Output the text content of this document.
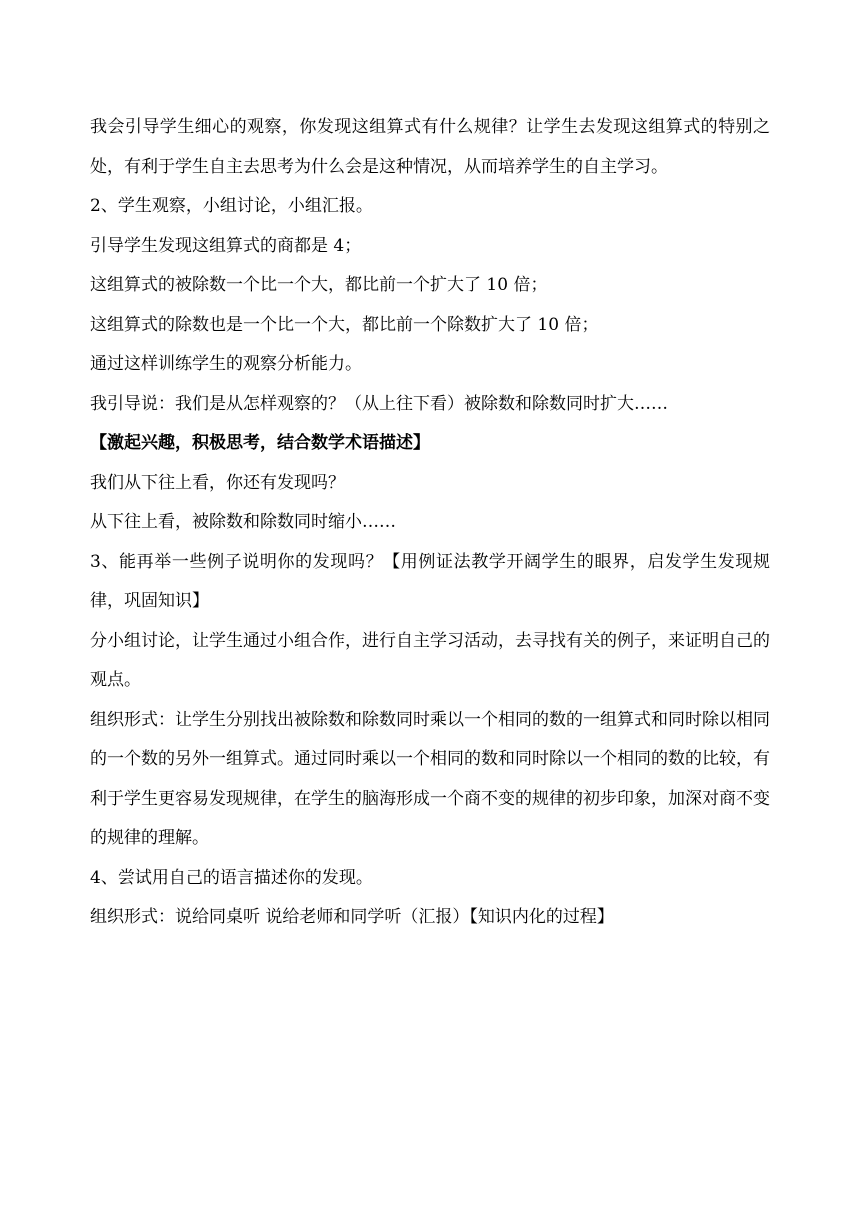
我会引导学生细心的观察，你发现这组算式有什么规律？让学生去发现这组算式的特别之处，有利于学生自主去思考为什么会是这种情况，从而培养学生的自主学习。

2、学生观察，小组讨论，小组汇报。

引导学生发现这组算式的商都是 4；

这组算式的被除数一个比一个大，都比前一个扩大了 10 倍；

这组算式的除数也是一个比一个大，都比前一个除数扩大了 10 倍；

通过这样训练学生的观察分析能力。

我引导说：我们是从怎样观察的？（从上往下看）被除数和除数同时扩大……

【激起兴趣，积极思考，结合数学术语描述】

我们从下往上看，你还有发现吗？

从下往上看，被除数和除数同时缩小……

3、能再举一些例子说明你的发现吗？【用例证法教学开阔学生的眼界，启发学生发现规律，巩固知识】

分小组讨论，让学生通过小组合作，进行自主学习活动，去寻找有关的例子，来证明自己的观点。

组织形式：让学生分别找出被除数和除数同时乘以一个相同的数的一组算式和同时除以相同的一个数的另外一组算式。通过同时乘以一个相同的数和同时除以一个相同的数的比较，有利于学生更容易发现规律，在学生的脑海形成一个商不变的规律的初步印象，加深对商不变的规律的理解。

4、尝试用自己的语言描述你的发现。

组织形式：说给同桌听 说给老师和同学听（汇报）【知识内化的过程】
